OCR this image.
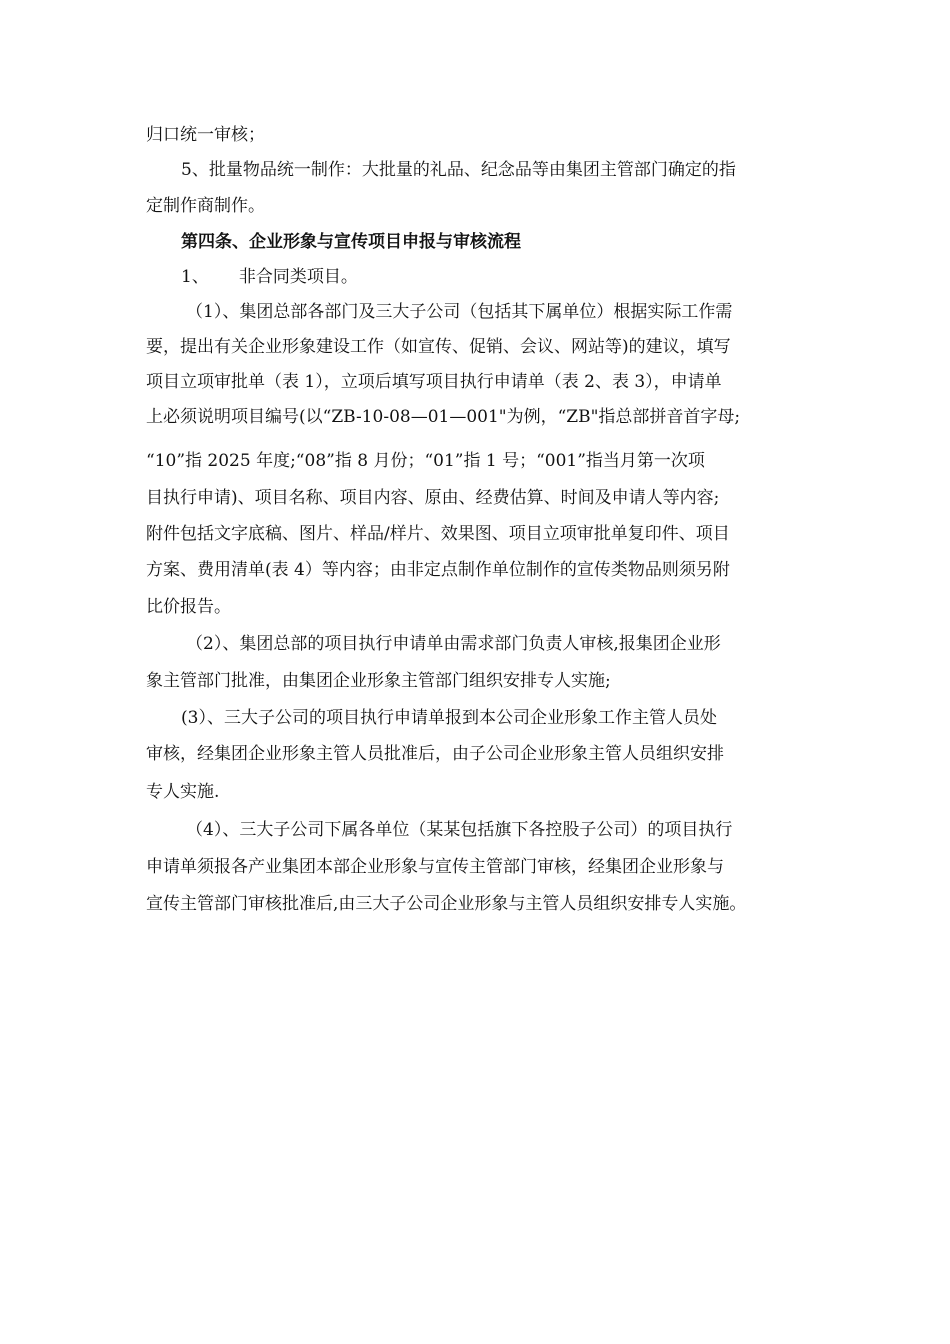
归口统一审核；
5、批量物品统一制作：大批量的礼品、纪念品等由集团主管部门确定的指
定制作商制作。
第四条、企业形象与宣传项目申报与审核流程
1、 非合同类项目。
（1）、集团总部各部门及三大子公司（包括其下属单位）根据实际工作需
要，提出有关企业形象建设工作（如宣传、促销、会议、网站等)的建议，填写
项目立项审批单（表 1），立项后填写项目执行申请单（表 2、表 3），申请单
上必须说明项目编号(以“ZB-10-08—01—001"为例，“ZB"指总部拼音首字母;
“10”指 2025 年度;“08”指 8 月份；“01”指 1 号；“001”指当月第一次项
目执行申请)、项目名称、项目内容、原由、经费估算、时间及申请人等内容;
附件包括文字底稿、图片、样品/样片、效果图、项目立项审批单复印件、项目
方案、费用清单(表 4）等内容；由非定点制作单位制作的宣传类物品则须另附
比价报告。
（2）、集团总部的项目执行申请单由需求部门负责人审核,报集团企业形
象主管部门批准，由集团企业形象主管部门组织安排专人实施;
(3）、三大子公司的项目执行申请单报到本公司企业形象工作主管人员处
审核，经集团企业形象主管人员批准后，由子公司企业形象主管人员组织安排
专人实施.
（4）、三大子公司下属各单位（某某包括旗下各控股子公司）的项目执行
申请单须报各产业集团本部企业形象与宣传主管部门审核，经集团企业形象与
宣传主管部门审核批准后,由三大子公司企业形象与主管人员组织安排专人实施。
